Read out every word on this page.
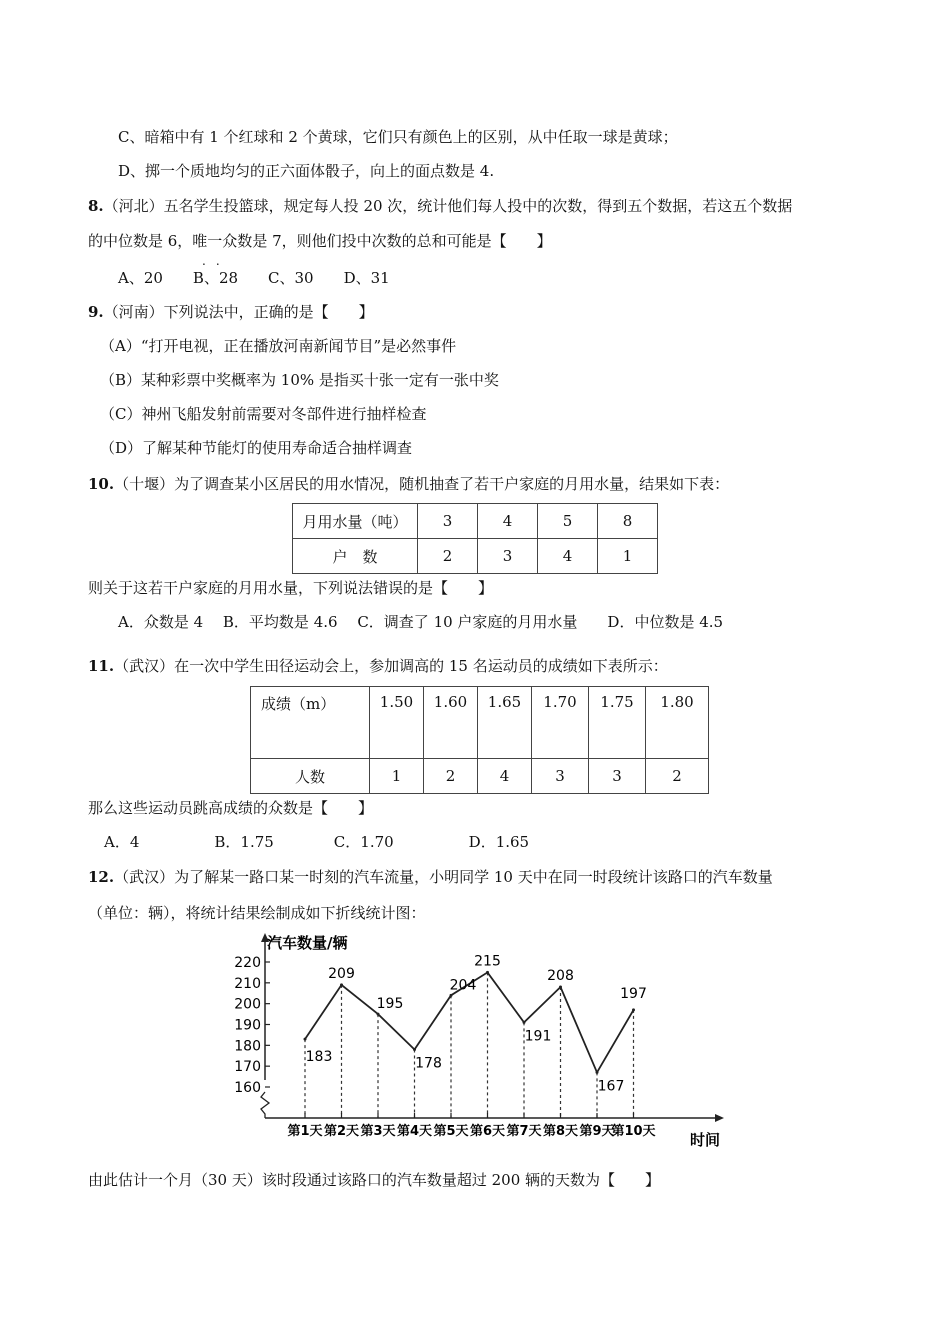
C、暗箱中有 1 个红球和 2 个黄球，它们只有颜色上的区别，从中任取一球是黄球；
D、掷一个质地均匀的正六面体骰子，向上的面点数是 4.
8.（河北）五名学生投篮球，规定每人投 20 次，统计他们每人投中的次数，得到五个数据，若这五个数据
的中位数是 6，唯一众数是 7，则他们投中次数的总和可能是【　　】
..
A、20　　B、28　　C、30　　D、31
9.（河南）下列说法中，正确的是【　　】
（A）“打开电视，正在播放河南新闻节目”是必然事件
（B）某种彩票中奖概率为 10% 是指买十张一定有一张中奖
（C）神州飞船发射前需要对冬部件进行抽样检查
（D）了解某种节能灯的使用寿命适合抽样调查
10.（十堰）为了调查某小区居民的用水情况，随机抽查了若干户家庭的月用水量，结果如下表：
月用水量（吨）	3	4	5	8
户　数	2	3	4	1
则关于这若干户家庭的月用水量，下列说法错误的是【　　】
A．众数是 4　 B．平均数是 4.6　 C．调查了 10 户家庭的月用水量　　D．中位数是 4.5
11.（武汉）在一次中学生田径运动会上，参加调高的 15 名运动员的成绩如下表所示：
成绩（m）	1.50	1.60	1.65	1.70	1.75	1.80
人数	1	2	4	3	3	2
那么这些运动员跳高成绩的众数是【　　】
A．4　　　　　B．1.75　　　　C．1.70　　　　　D．1.65
12.（武汉）为了解某一路口某一时刻的汽车流量，小明同学 10 天中在同一时段统计该路口的汽车数量
（单位：辆），将统计结果绘制成如下折线统计图：
160
170
180
190
200
210
220
183
209
195
178
204
215
191
208
167
197
第1天 第2天 第3天 第4天 第5天 第6天 第7天 第8天 第9天
第10天
汽车数量/辆
时间
由此估计一个月（30 天）该时段通过该路口的汽车数量超过 200 辆的天数为【　　】
